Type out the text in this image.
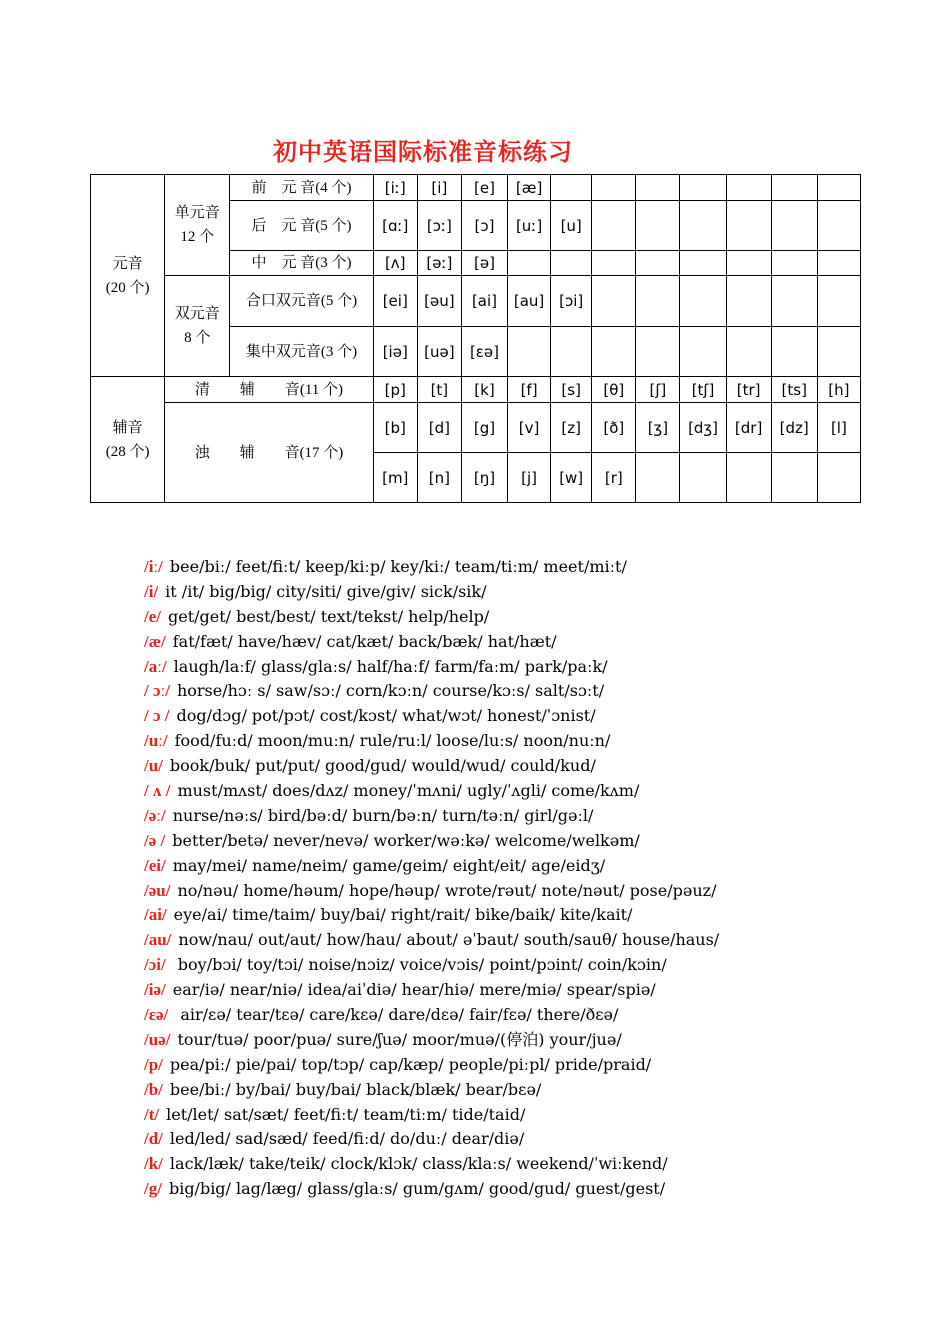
初中英语国际标准音标练习
元音
(20 个)	单元音
12 个	前　元 音(4 个)	[iː]	[i]	[e]	[æ]							
		后　元 音(5 个)	[ɑː]	[ɔː]	[ɔ]	[uː]	[u]						
		中　元 音(3 个)	[ʌ]	[əː]	[ə]								
	双元音
8 个	合口双元音(5 个)	[ei]	[əu]	[ai]	[au]	[ɔi]						
		集中双元音(3 个)	[iə]	[uə]	[ɛə]								
辅音
(28 个)	清　　辅　　音(11 个)		[p]	[t]	[k]	[f]	[s]	[θ]	[ʃ]	[tʃ]	[tr]	[ts]	[h]
	浊　　辅　　音(17 个)		[b]	[d]	[g]	[v]	[z]	[ð]	[ʒ]	[dʒ]	[dr]	[dz]	[l]
			[m]	[n]	[ŋ]	[j]	[w]	[r]					
/iː/ bee/biː/ feet/fiːt/ keep/kiːp/ key/kiː/ team/tiːm/ meet/miːt/
/i/ it /it/ big/big/ city/siti/ give/giv/ sick/sik/
/e/ get/get/ best/best/ text/tekst/ help/help/
/æ/ fat/fæt/ have/hæv/ cat/kæt/ back/bæk/ hat/hæt/
/aː/ laugh/laːf/ glass/glaːs/ half/haːf/ farm/faːm/ park/paːk/
/ ɔː/ horse/hɔː s/ saw/sɔː/ corn/kɔːn/ course/kɔːs/ salt/sɔːt/
/ ɔ / dog/dɔg/ pot/pɔt/ cost/kɔst/ what/wɔt/ honest/ˈɔnist/
/uː/ food/fuːd/ moon/muːn/ rule/ruːl/ loose/luːs/ noon/nuːn/
/u/ book/buk/ put/put/ good/gud/ would/wud/ could/kud/
/ ʌ / must/mʌst/ does/dʌz/ money/ˈmʌni/ ugly/ˈʌgli/ come/kʌm/
/əː/ nurse/nəːs/ bird/bəːd/ burn/bəːn/ turn/təːn/ girl/gəːl/
/ə / better/betə/ never/nevə/ worker/wəːkə/ welcome/welkəm/
/ei/ may/mei/ name/neim/ game/geim/ eight/eit/ age/eidʒ/
/əu/ no/nəu/ home/həum/ hope/həup/ wrote/rəut/ note/nəut/ pose/pəuz/
/ai/ eye/ai/ time/taim/ buy/bai/ right/rait/ bike/baik/ kite/kait/
/au/ now/nau/ out/aut/ how/hau/ about/ əˈbaut/ south/sauθ/ house/haus/
/ɔi/ boy/bɔi/ toy/tɔi/ noise/nɔiz/ voice/vɔis/ point/pɔint/ coin/kɔin/
/iə/ ear/iə/ near/niə/ idea/aiˈdiə/ hear/hiə/ mere/miə/ spear/spiə/
/ɛə/ air/ɛə/ tear/tɛə/ care/kɛə/ dare/dɛə/ fair/fɛə/ there/ðɛə/
/uə/ tour/tuə/ poor/puə/ sure/ʃuə/ moor/muə/(停泊) your/juə/
/p/ pea/piː/ pie/pai/ top/tɔp/ cap/kæp/ people/piːpl/ pride/praid/
/b/ bee/biː/ by/bai/ buy/bai/ black/blæk/ bear/bɛə/
/t/ let/let/ sat/sæt/ feet/fiːt/ team/tiːm/ tide/taid/
/d/ led/led/ sad/sæd/ feed/fiːd/ do/duː/ dear/diə/
/k/ lack/læk/ take/teik/ clock/klɔk/ class/klaːs/ weekend/ˈwiːkend/
/g/ big/big/ lag/læg/ glass/glaːs/ gum/gʌm/ good/gud/ guest/gest/
